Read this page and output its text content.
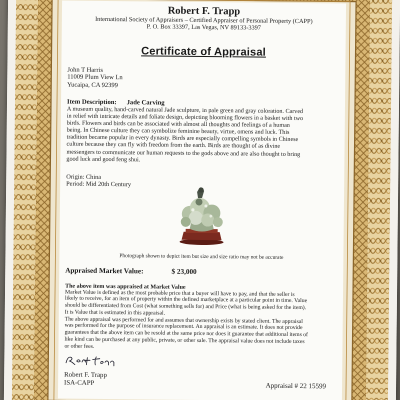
Robert F. Trapp
International Society of Appraisers – Certified Appraiser of Personal Property (CAPP)
P. O. Box 33397, Las Vegas, NV 89133-3397
Certificate of Appraisal
John T Harris
11009 Plum View Ln
Yucaipa, CA 92399
Item Description: Jade Carving
A museum quality, hand-carved natural Jade sculpture, in pale green and gray coloration. Carved
in relief with intricate details and foliate design, depicting blooming flowers in a basket with two
birds. Flowers and birds can be associated with almost all thoughts and feelings of a human
being. In Chinese culture they can symbolize feminine beauty, virtue, omens and luck. This
tradition became popular in every dynasty. Birds are especially compelling symbols in Chinese
culture because they can fly with freedom from the earth. Birds are thought of as divine
messengers to communicate our human requests to the gods above and are also thought to bring
good luck and good feng shui.
Origin: China
Period: Mid 20th Century
Photograph shown to depict item but size and size ratio may not be accurate
Appraised Market Value:	$ 23,000
The above item was appraised at Market Value
Market Value is defined as the most probable price that a buyer will have to pay, and that the seller is
likely to receive, for an item of property within the defined marketplace at a particular point in time. Value
should be differentiated from Cost (what something sells for) and Price (what is being asked for the item).
It is Value that is estimated in this appraisal.
The above appraisal was performed for and assumes that ownership exists by stated client. The appraisal
was performed for the purpose of insurance replacement. An appraisal is an estimate. It does not provide
guarantees that the above item can be resold at the same price nor does it guarantee that additional items of
like kind can be purchased at any public, private, or other sale. The appraisal value does not include taxes
or other fees.
Robert F. Trapp
ISA-CAPP	Appraisal # 22 15599
